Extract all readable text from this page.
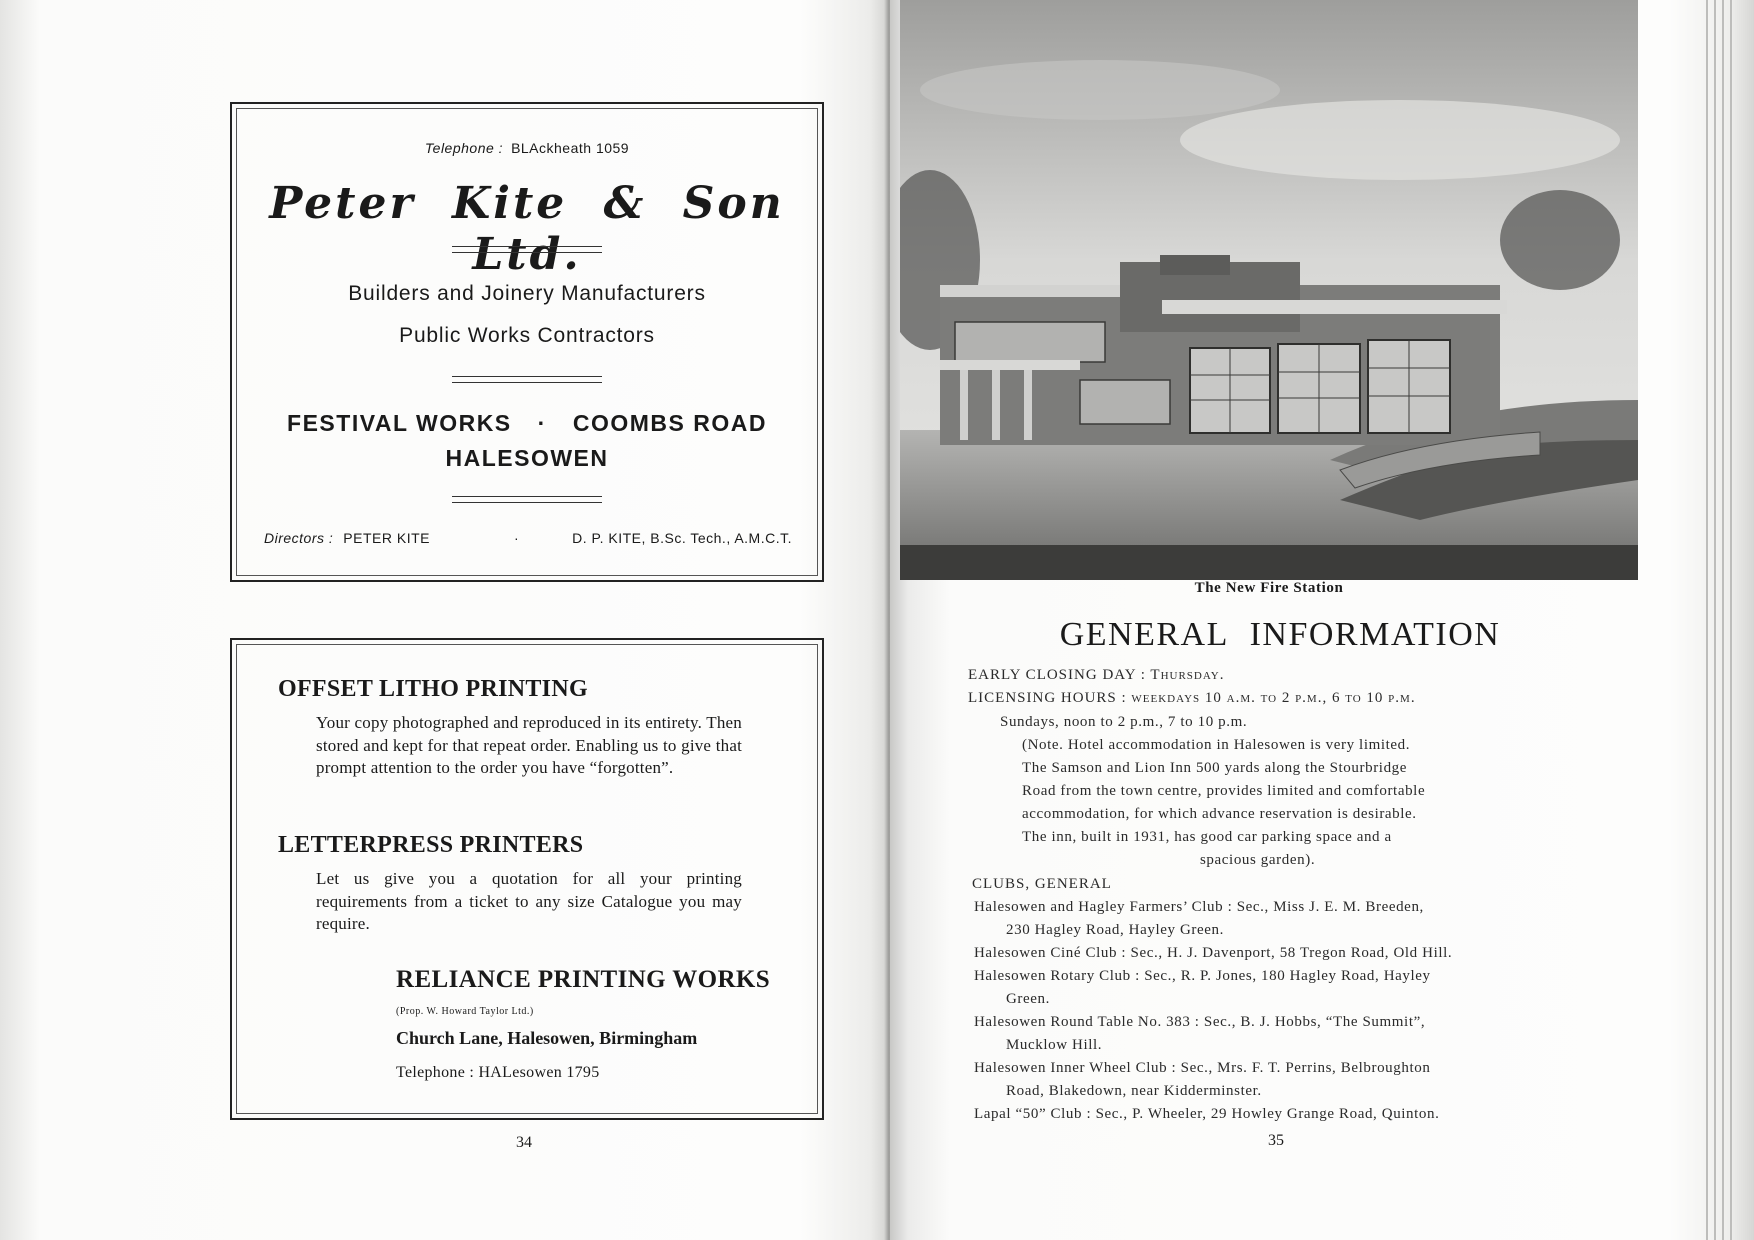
Telephone : BLAckheath 1059
Peter Kite & Son Ltd.
Builders and Joinery Manufacturers
Public Works Contractors
FESTIVAL WORKS · COOMBS ROAD
HALESOWEN
Directors : PETER KITE	·	D. P. KITE, B.Sc. Tech., A.M.C.T.
OFFSET LITHO PRINTING
Your copy photographed and reproduced in its entirety. Then stored and kept for that repeat order. Enabling us to give that prompt attention to the order you have “forgotten”.
LETTERPRESS PRINTERS
Let us give you a quotation for all your printing requirements from a ticket to any size Catalogue you may require.
RELIANCE PRINTING WORKS
(Prop. W. Howard Taylor Ltd.)
Church Lane, Halesowen, Birmingham
Telephone : HALesowen 1795
34
The New Fire Station
GENERAL INFORMATION
EARLY CLOSING DAY : Thursday.
LICENSING HOURS : weekdays 10 a.m. to 2 p.m., 6 to 10 p.m.
Sundays, noon to 2 p.m., 7 to 10 p.m.
(Note. Hotel accommodation in Halesowen is very limited.
The Samson and Lion Inn 500 yards along the Stourbridge
Road from the town centre, provides limited and comfortable
accommodation, for which advance reservation is desirable.
The inn, built in 1931, has good car parking space and a
spacious garden).
CLUBS, GENERAL
Halesowen and Hagley Farmers’ Club : Sec., Miss J. E. M. Breeden,
230 Hagley Road, Hayley Green.
Halesowen Ciné Club : Sec., H. J. Davenport, 58 Tregon Road, Old Hill.
Halesowen Rotary Club : Sec., R. P. Jones, 180 Hagley Road, Hayley
Green.
Halesowen Round Table No. 383 : Sec., B. J. Hobbs, “The Summit”,
Mucklow Hill.
Halesowen Inner Wheel Club : Sec., Mrs. F. T. Perrins, Belbroughton
Road, Blakedown, near Kidderminster.
Lapal “50” Club : Sec., P. Wheeler, 29 Howley Grange Road, Quinton.
35
